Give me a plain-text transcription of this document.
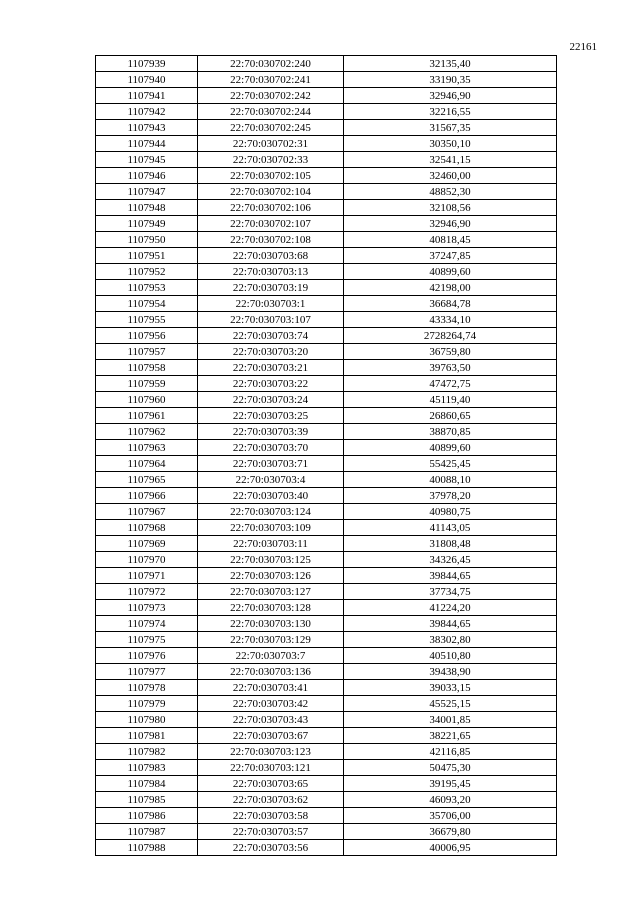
22161
1107939	22:70:030702:240	32135,40
1107940	22:70:030702:241	33190,35
1107941	22:70:030702:242	32946,90
1107942	22:70:030702:244	32216,55
1107943	22:70:030702:245	31567,35
1107944	22:70:030702:31	30350,10
1107945	22:70:030702:33	32541,15
1107946	22:70:030702:105	32460,00
1107947	22:70:030702:104	48852,30
1107948	22:70:030702:106	32108,56
1107949	22:70:030702:107	32946,90
1107950	22:70:030702:108	40818,45
1107951	22:70:030703:68	37247,85
1107952	22:70:030703:13	40899,60
1107953	22:70:030703:19	42198,00
1107954	22:70:030703:1	36684,78
1107955	22:70:030703:107	43334,10
1107956	22:70:030703:74	2728264,74
1107957	22:70:030703:20	36759,80
1107958	22:70:030703:21	39763,50
1107959	22:70:030703:22	47472,75
1107960	22:70:030703:24	45119,40
1107961	22:70:030703:25	26860,65
1107962	22:70:030703:39	38870,85
1107963	22:70:030703:70	40899,60
1107964	22:70:030703:71	55425,45
1107965	22:70:030703:4	40088,10
1107966	22:70:030703:40	37978,20
1107967	22:70:030703:124	40980,75
1107968	22:70:030703:109	41143,05
1107969	22:70:030703:11	31808,48
1107970	22:70:030703:125	34326,45
1107971	22:70:030703:126	39844,65
1107972	22:70:030703:127	37734,75
1107973	22:70:030703:128	41224,20
1107974	22:70:030703:130	39844,65
1107975	22:70:030703:129	38302,80
1107976	22:70:030703:7	40510,80
1107977	22:70:030703:136	39438,90
1107978	22:70:030703:41	39033,15
1107979	22:70:030703:42	45525,15
1107980	22:70:030703:43	34001,85
1107981	22:70:030703:67	38221,65
1107982	22:70:030703:123	42116,85
1107983	22:70:030703:121	50475,30
1107984	22:70:030703:65	39195,45
1107985	22:70:030703:62	46093,20
1107986	22:70:030703:58	35706,00
1107987	22:70:030703:57	36679,80
1107988	22:70:030703:56	40006,95
